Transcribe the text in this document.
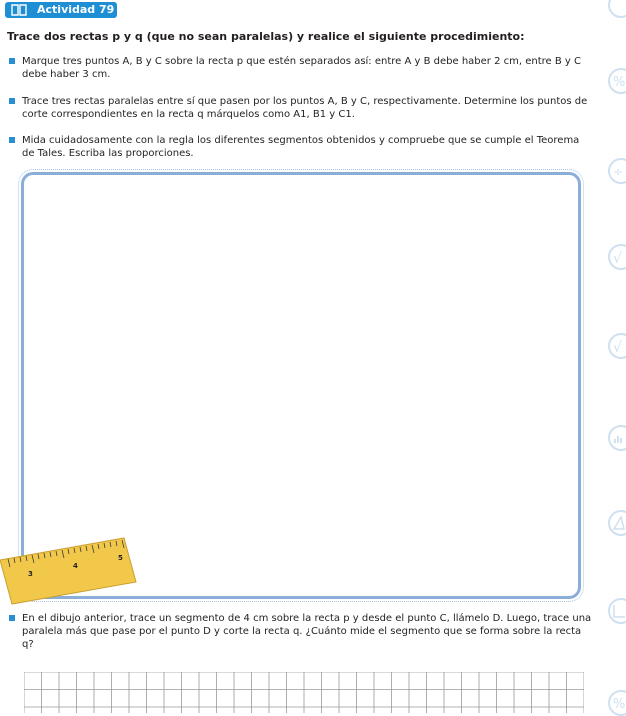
Actividad 79

Trace dos rectas p y q (que no sean paralelas) y realice el siguiente procedimiento:

Marque tres puntos A, B y C sobre la recta p que estén separados así: entre A y B debe haber 2 cm, entre B y C debe haber 3 cm.
Trace tres rectas paralelas entre sí que pasen por los puntos A, B y C, respectivamente. Determine los puntos de corte correspondientes en la recta q márquelos como A1, B1 y C1.
Mida cuidadosamente con la regla los diferentes segmentos obtenidos y compruebe que se cumple el Teorema de Tales. Escriba las proporciones.
3
4
5
En el dibujo anterior, trace un segmento de 4 cm sobre la recta p y desde el punto C, llámelo D. Luego, trace una paralela más que pase por el punto D y corte la recta q. ¿Cuánto mide el segmento que se forma sobre la recta q?
%
÷
√
√
%
